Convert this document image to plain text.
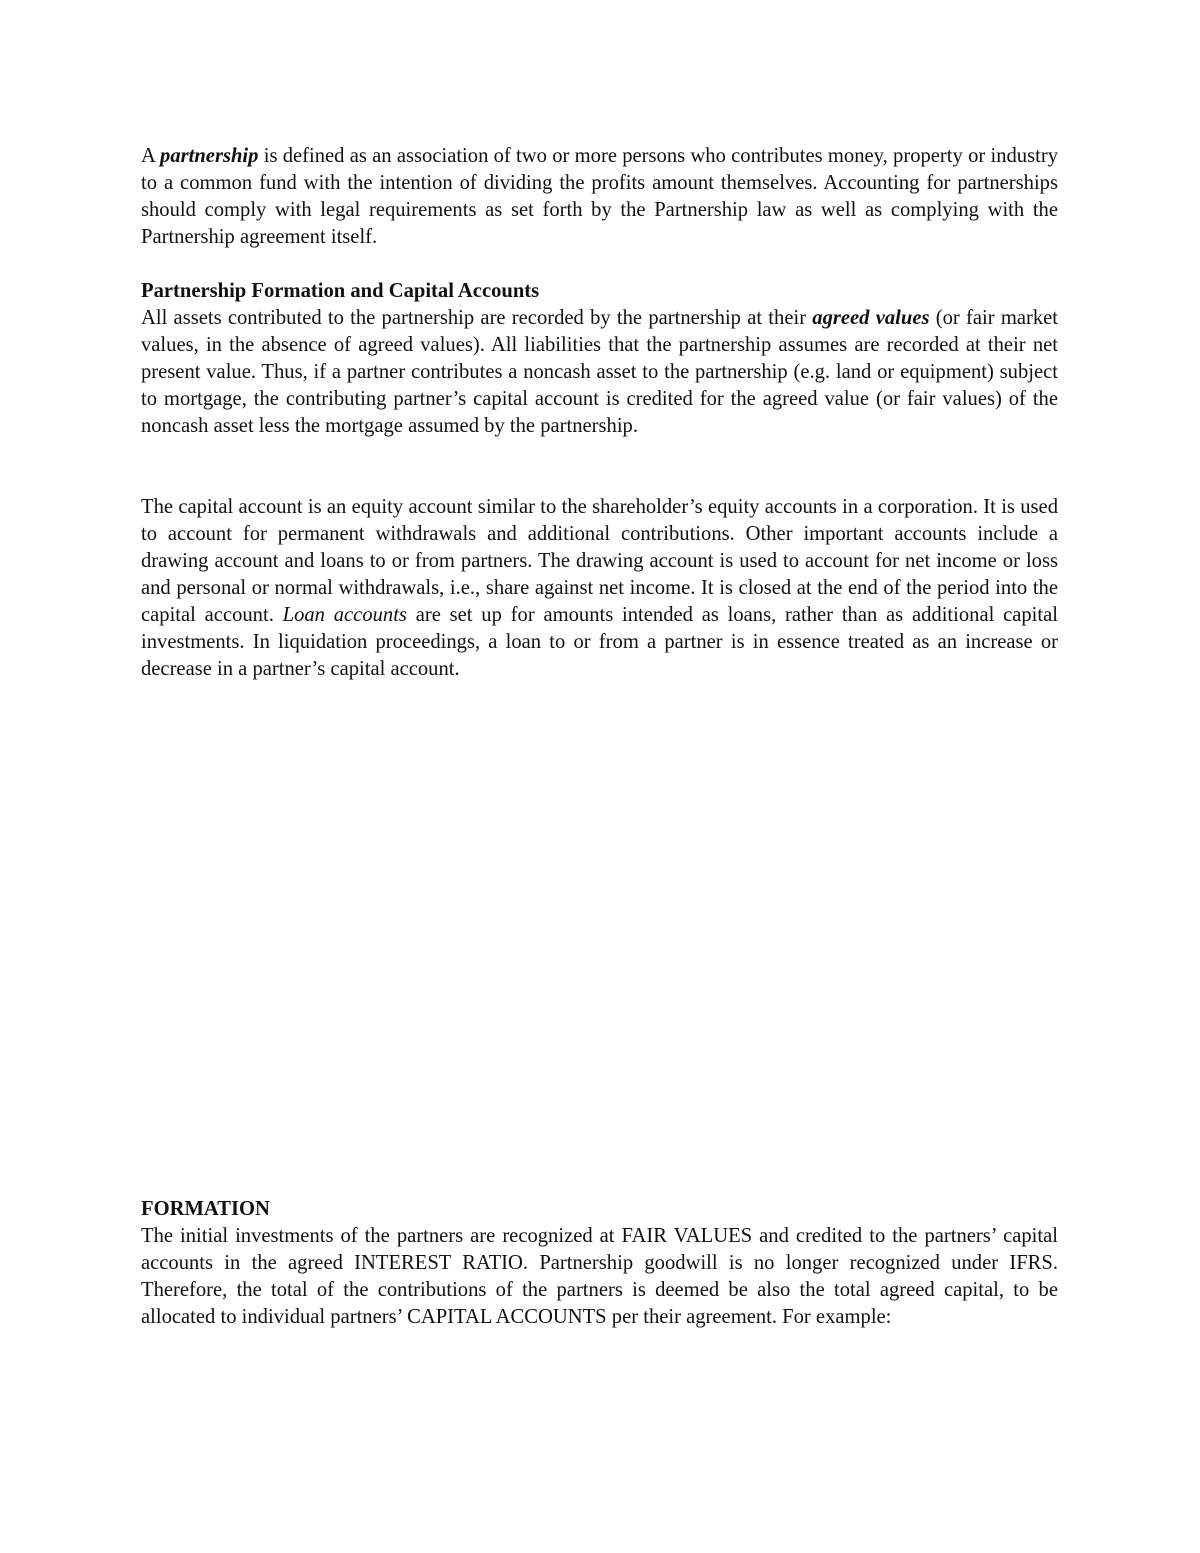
A partnership is defined as an association of two or more persons who contributes money, property or industry to a common fund with the intention of dividing the profits amount themselves. Accounting for partnerships should comply with legal requirements as set forth by the Partnership law as well as complying with the Partnership agreement itself.

Partnership Formation and Capital Accounts

All assets contributed to the partnership are recorded by the partnership at their agreed values (or fair market values, in the absence of agreed values). All liabilities that the partnership assumes are recorded at their net present value. Thus, if a partner contributes a noncash asset to the partnership (e.g. land or equipment) subject to mortgage, the contributing partner’s capital account is credited for the agreed value (or fair values) of the noncash asset less the mortgage assumed by the partnership.

The capital account is an equity account similar to the shareholder’s equity accounts in a corporation. It is used to account for permanent withdrawals and additional contributions. Other important accounts include a drawing account and loans to or from partners. The drawing account is used to account for net income or loss and personal or normal withdrawals, i.e., share against net income. It is closed at the end of the period into the capital account. Loan accounts are set up for amounts intended as loans, rather than as additional capital investments. In liquidation proceedings, a loan to or from a partner is in essence treated as an increase or decrease in a partner’s capital account.

FORMATION

The initial investments of the partners are recognized at FAIR VALUES and credited to the partners’ capital accounts in the agreed INTEREST RATIO. Partnership goodwill is no longer recognized under IFRS. Therefore, the total of the contributions of the partners is deemed be also the total agreed capital, to be allocated to individual partners’ CAPITAL ACCOUNTS per their agreement. For example:
